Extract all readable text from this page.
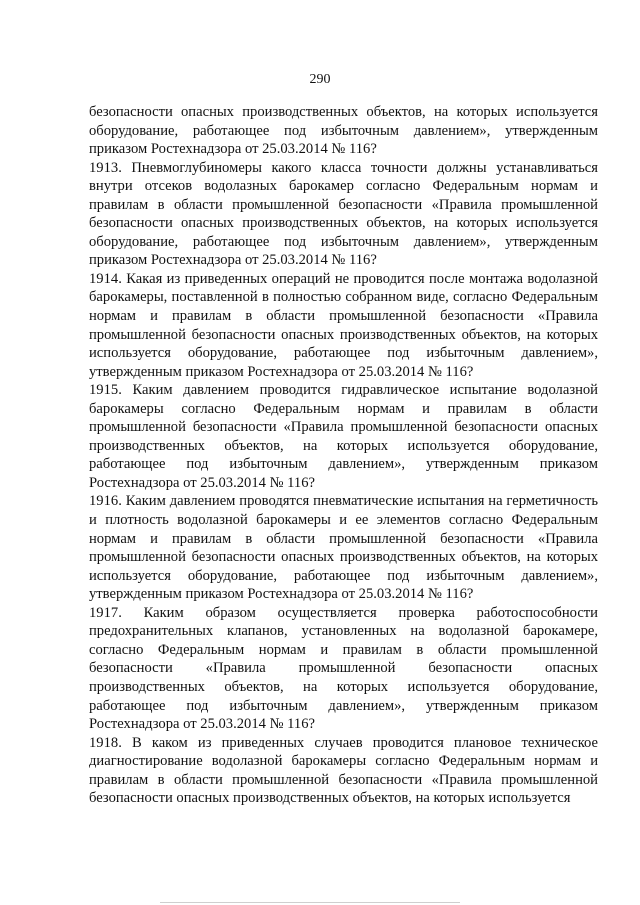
290

безопасности опасных производственных объектов, на которых используется оборудование, работающее под избыточным давлением», утвержденным приказом Ростехнадзора от 25.03.2014 № 116?

1913. Пневмоглубиномеры какого класса точности должны устанавливаться внутри отсеков водолазных барокамер согласно Федеральным нормам и правилам в области промышленной безопасности «Правила промышленной безопасности опасных производственных объектов, на которых используется оборудование, работающее под избыточным давлением», утвержденным приказом Ростехнадзора от 25.03.2014 № 116?

1914. Какая из приведенных операций не проводится после монтажа водолазной барокамеры, поставленной в полностью собранном виде, согласно Федеральным нормам и правилам в области промышленной безопасности «Правила промышленной безопасности опасных производственных объектов, на которых используется оборудование, работающее под избыточным давлением», утвержденным приказом Ростехнадзора от 25.03.2014 № 116?

1915. Каким давлением проводится гидравлическое испытание водолазной барокамеры согласно Федеральным нормам и правилам в области промышленной безопасности «Правила промышленной безопасности опасных производственных объектов, на которых используется оборудование, работающее под избыточным давлением», утвержденным приказом Ростехнадзора от 25.03.2014 № 116?

1916. Каким давлением проводятся пневматические испытания на герметичность и плотность водолазной барокамеры и ее элементов согласно Федеральным нормам и правилам в области промышленной безопасности «Правила промышленной безопасности опасных производственных объектов, на которых используется оборудование, работающее под избыточным давлением», утвержденным приказом Ростехнадзора от 25.03.2014 № 116?

1917. Каким образом осуществляется проверка работоспособности предохранительных клапанов, установленных на водолазной барокамере, согласно Федеральным нормам и правилам в области промышленной безопасности «Правила промышленной безопасности опасных производственных объектов, на которых используется оборудование, работающее под избыточным давлением», утвержденным приказом Ростехнадзора от 25.03.2014 № 116?

1918. В каком из приведенных случаев проводится плановое техническое диагностирование водолазной барокамеры согласно Федеральным нормам и правилам в области промышленной безопасности «Правила промышленной безопасности опасных производственных объектов, на которых используется
